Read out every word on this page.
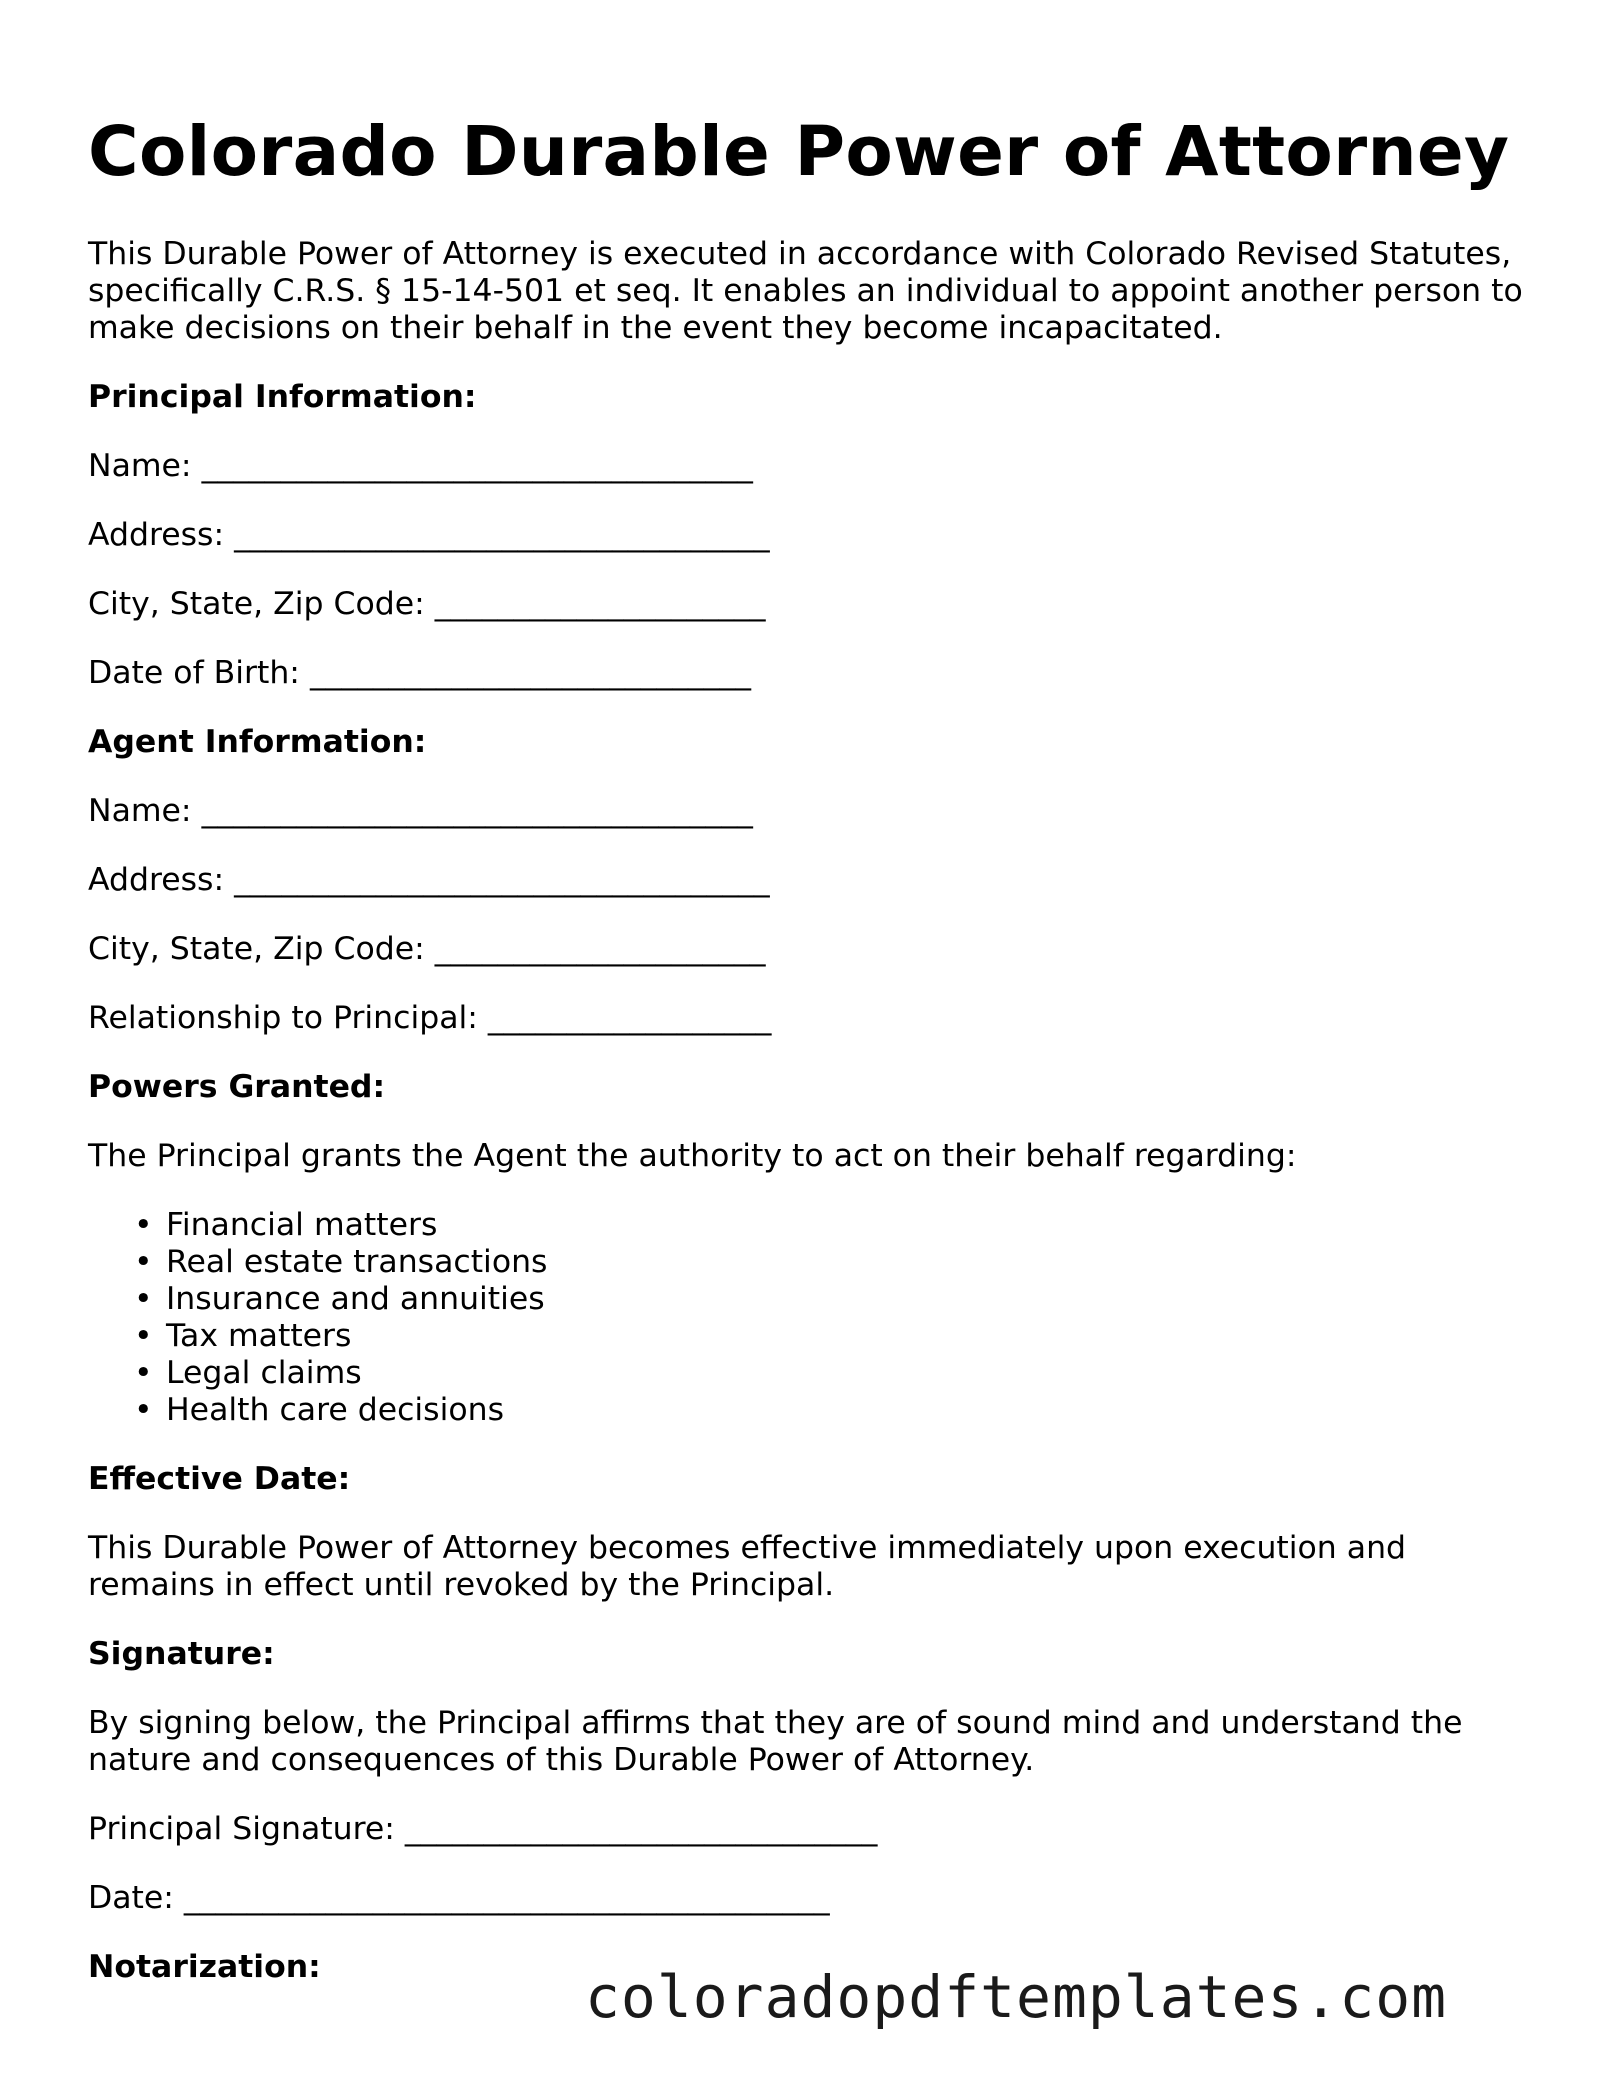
Colorado Durable Power of Attorney

This Durable Power of Attorney is executed in accordance with Colorado Revised Statutes, specifically C.R.S. § 15-14-501 et seq. It enables an individual to appoint another person to make decisions on their behalf in the event they become incapacitated.

Principal Information:

Name: ___________________________________

Address: __________________________________

City, State, Zip Code: _____________________

Date of Birth: ____________________________

Agent Information:

Name: ___________________________________

Address: __________________________________

City, State, Zip Code: _____________________

Relationship to Principal: __________________

Powers Granted:

The Principal grants the Agent the authority to act on their behalf regarding:

• Financial matters
• Real estate transactions
• Insurance and annuities
• Tax matters
• Legal claims
• Health care decisions
Effective Date:

This Durable Power of Attorney becomes effective immediately upon execution and remains in effect until revoked by the Principal.

Signature:

By signing below, the Principal affirms that they are of sound mind and understand the nature and consequences of this Durable Power of Attorney.

Principal Signature: ______________________________

Date: _________________________________________

Notarization:	coloradopdftemplates.com
